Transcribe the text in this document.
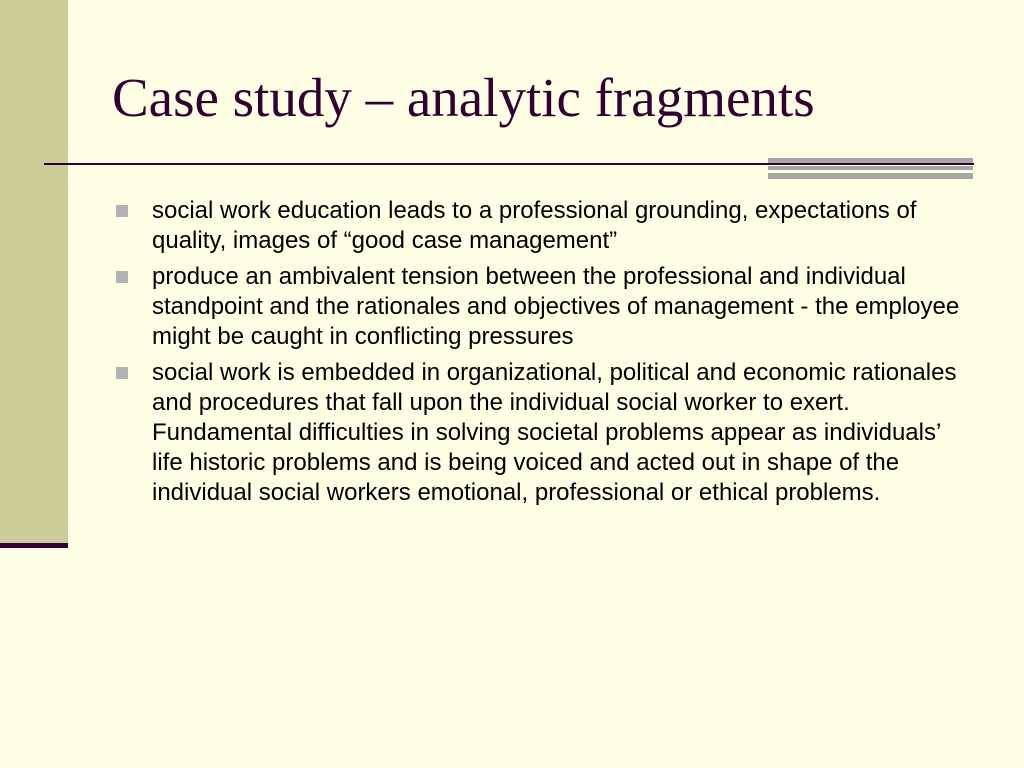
Case study – analytic fragments
social work education leads to a professional grounding, expectations of quality, images of “good case management”
produce an ambivalent tension between the professional and individual standpoint and the rationales and objectives of management - the employee might be caught in conflicting pressures
social work is embedded in organizational, political and economic rationales and procedures that fall upon the individual social worker to exert. Fundamental difficulties in solving societal problems appear as individuals’ life historic problems and is being voiced and acted out in shape of the individual social workers emotional, professional or ethical problems.
